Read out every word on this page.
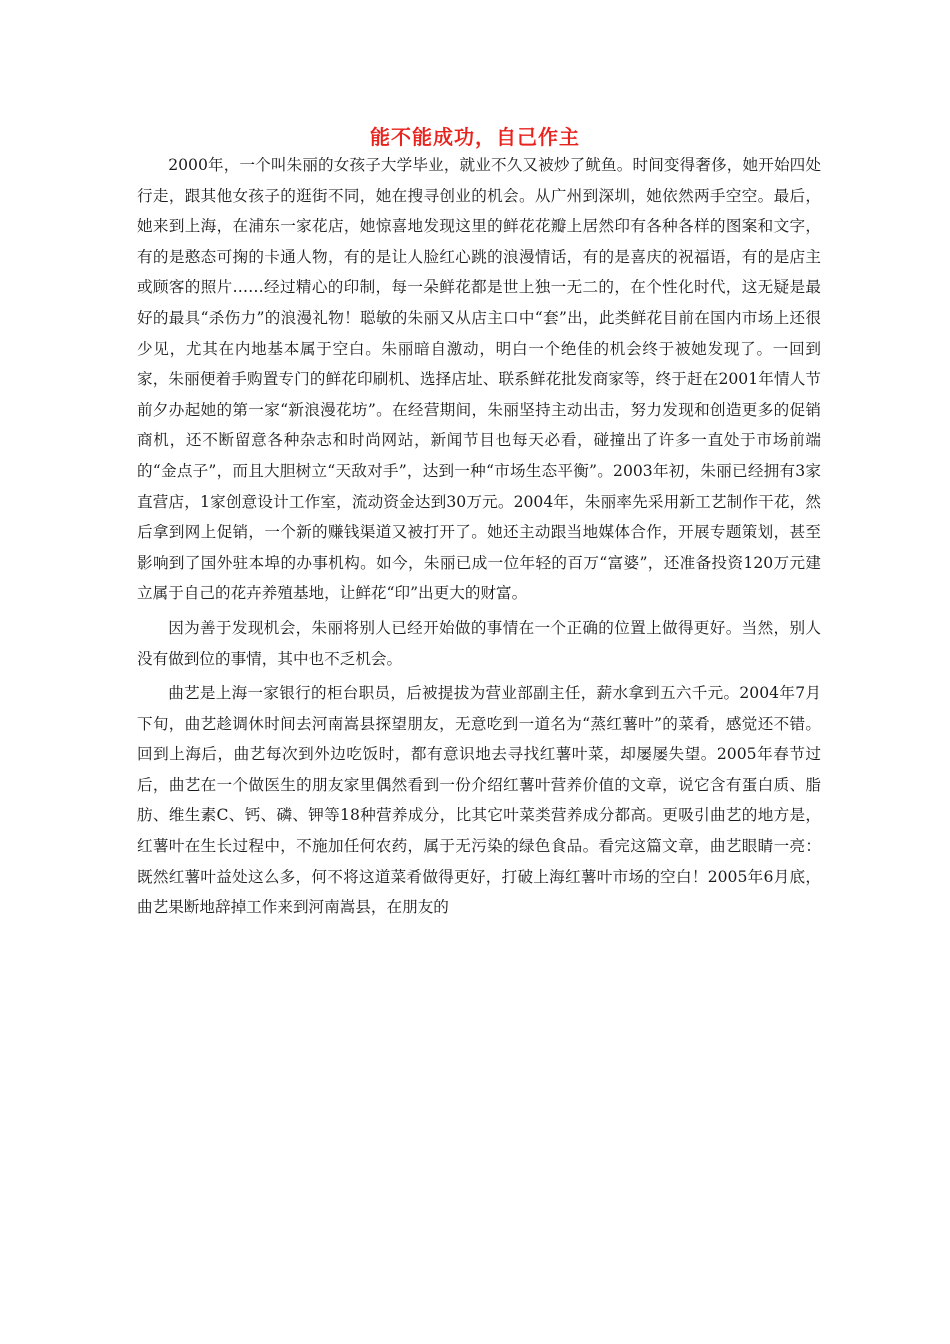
能不能成功，自己作主

2000年，一个叫朱丽的女孩子大学毕业，就业不久又被炒了鱿鱼。时间变得奢侈，她开始四处行走，跟其他女孩子的逛街不同，她在搜寻创业的机会。从广州到深圳，她依然两手空空。最后，她来到上海，在浦东一家花店，她惊喜地发现这里的鲜花花瓣上居然印有各种各样的图案和文字，有的是憨态可掬的卡通人物，有的是让人脸红心跳的浪漫情话，有的是喜庆的祝福语，有的是店主或顾客的照片……经过精心的印制，每一朵鲜花都是世上独一无二的，在个性化时代，这无疑是最好的最具“杀伤力”的浪漫礼物！聪敏的朱丽又从店主口中“套”出，此类鲜花目前在国内市场上还很少见，尤其在内地基本属于空白。朱丽暗自激动，明白一个绝佳的机会终于被她发现了。一回到家，朱丽便着手购置专门的鲜花印刷机、选择店址、联系鲜花批发商家等，终于赶在2001年情人节前夕办起她的第一家“新浪漫花坊”。在经营期间，朱丽坚持主动出击，努力发现和创造更多的促销商机，还不断留意各种杂志和时尚网站，新闻节目也每天必看，碰撞出了许多一直处于市场前端的“金点子”，而且大胆树立“天敌对手”，达到一种“市场生态平衡”。2003年初，朱丽已经拥有3家直营店，1家创意设计工作室，流动资金达到30万元。2004年，朱丽率先采用新工艺制作干花，然后拿到网上促销，一个新的赚钱渠道又被打开了。她还主动跟当地媒体合作，开展专题策划，甚至影响到了国外驻本埠的办事机构。如今，朱丽已成一位年轻的百万“富婆”，还准备投资120万元建立属于自己的花卉养殖基地，让鲜花“印”出更大的财富。

因为善于发现机会，朱丽将别人已经开始做的事情在一个正确的位置上做得更好。当然，别人没有做到位的事情，其中也不乏机会。

曲艺是上海一家银行的柜台职员，后被提拔为营业部副主任，薪水拿到五六千元。2004年7月下旬，曲艺趁调休时间去河南嵩县探望朋友，无意吃到一道名为“蒸红薯叶”的菜肴，感觉还不错。回到上海后，曲艺每次到外边吃饭时，都有意识地去寻找红薯叶菜，却屡屡失望。2005年春节过后，曲艺在一个做医生的朋友家里偶然看到一份介绍红薯叶营养价值的文章，说它含有蛋白质、脂肪、维生素C、钙、磷、钾等18种营养成分，比其它叶菜类营养成分都高。更吸引曲艺的地方是，红薯叶在生长过程中，不施加任何农药，属于无污染的绿色食品。看完这篇文章，曲艺眼睛一亮：既然红薯叶益处这么多，何不将这道菜肴做得更好，打破上海红薯叶市场的空白！2005年6月底，曲艺果断地辞掉工作来到河南嵩县，在朋友的
